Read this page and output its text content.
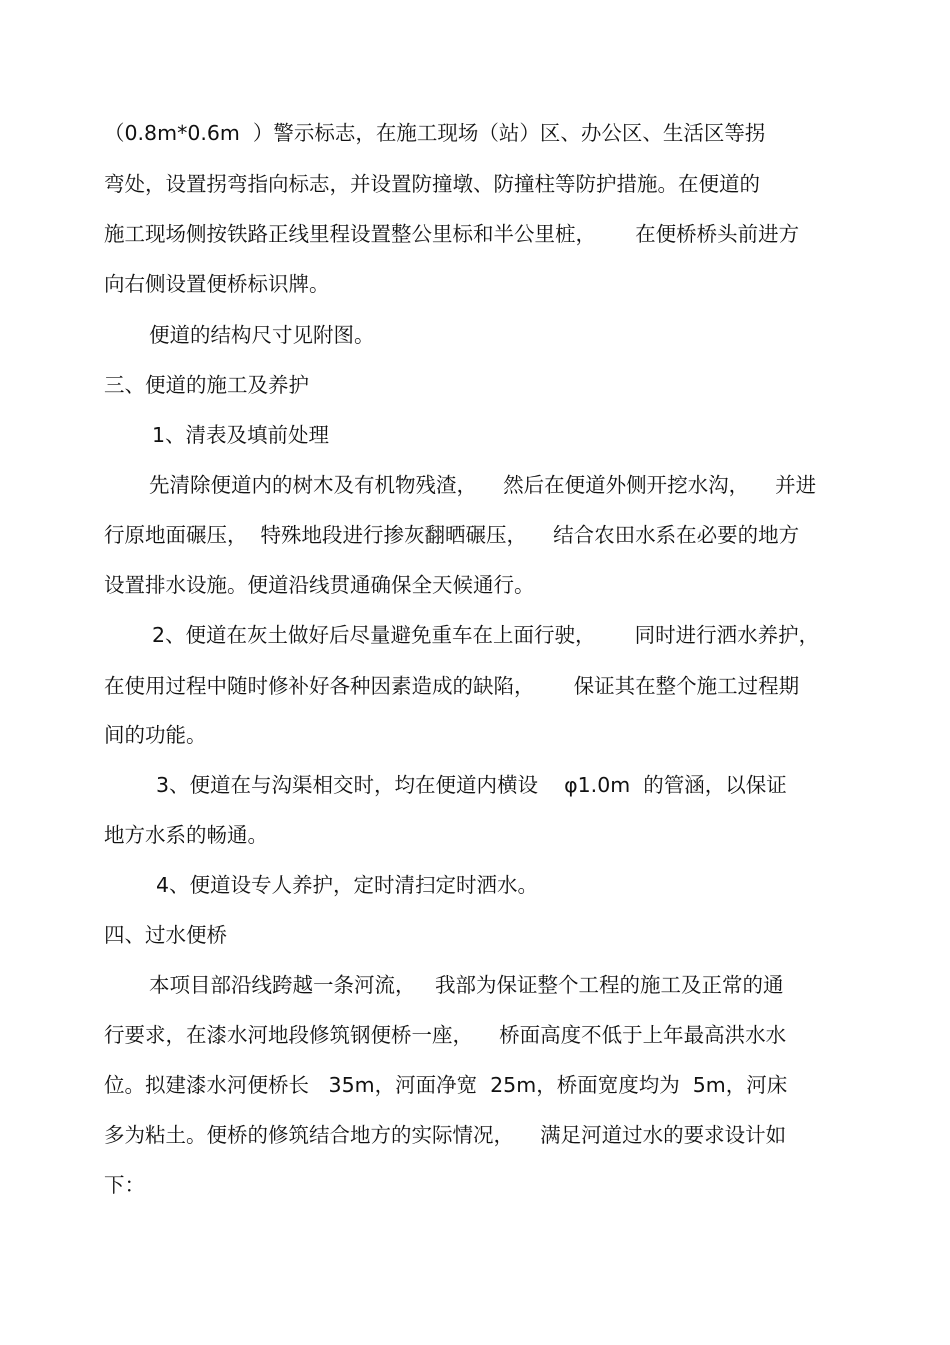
（0.8m*0.6m  ）警示标志，在施工现场（站）区、办公区、生活区等拐
弯处，设置拐弯指向标志，并设置防撞墩、防撞柱等防护措施。在便道的
施工现场侧按铁路正线里程设置整公里标和半公里桩，      在便桥桥头前进方
向右侧设置便桥标识牌。
便道的结构尺寸见附图。
三、便道的施工及养护
1、清表及填前处理
先清除便道内的树木及有机物残渣，    然后在便道外侧开挖水沟，    并进
行原地面碾压，  特殊地段进行掺灰翻晒碾压，    结合农田水系在必要的地方
设置排水设施。便道沿线贯通确保全天候通行。
2、便道在灰土做好后尽量避免重车在上面行驶，      同时进行洒水养护，
在使用过程中随时修补好各种因素造成的缺陷，      保证其在整个施工过程期
间的功能。
3、便道在与沟渠相交时，均在便道内横设    φ1.0m  的管涵，以保证
地方水系的畅通。
4、便道设专人养护，定时清扫定时洒水。
四、过水便桥
本项目部沿线跨越一条河流，   我部为保证整个工程的施工及正常的通
行要求，在漆水河地段修筑钢便桥一座，    桥面高度不低于上年最高洪水水
位。拟建漆水河便桥长   35m，河面净宽  25m，桥面宽度均为  5m，河床
多为粘土。便桥的修筑结合地方的实际情况，    满足河道过水的要求设计如
下：
